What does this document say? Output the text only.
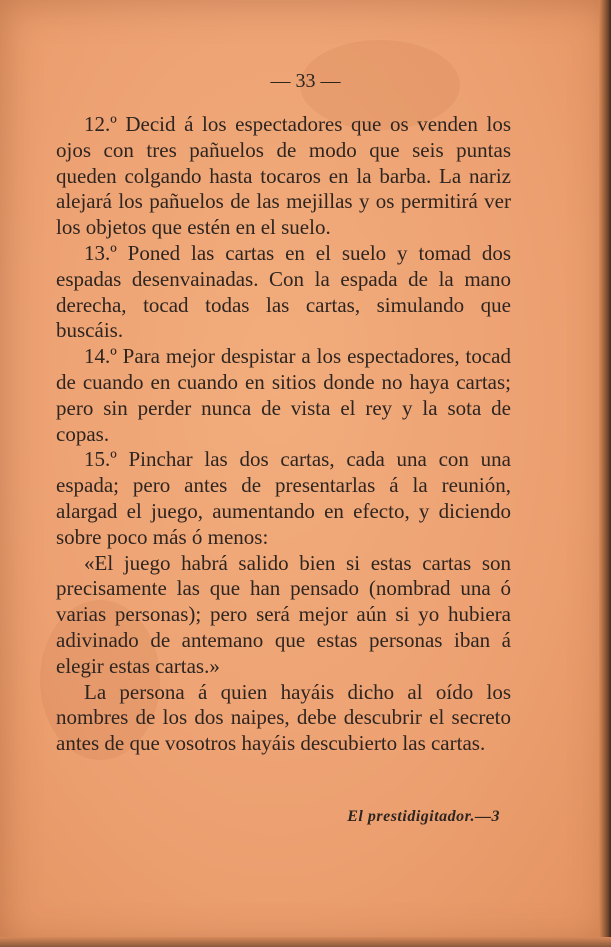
— 33 —

12.º Decid á los espectadores que os venden los ojos con tres pañuelos de modo que seis puntas queden colgando hasta tocaros en la barba. La nariz alejará los pañuelos de las mejillas y os permitirá ver los objetos que estén en el suelo.

13.º Poned las cartas en el suelo y tomad dos espadas desenvainadas. Con la espada de la mano derecha, tocad todas las cartas, simulando que buscáis.

14.º Para mejor despistar a los espectadores, tocad de cuando en cuando en sitios donde no haya cartas; pero sin perder nunca de vista el rey y la sota de copas.

15.º Pinchar las dos cartas, cada una con una espada; pero antes de presentarlas á la reunión, alargad el juego, aumentando en efecto, y diciendo sobre poco más ó menos:

«El juego habrá salido bien si estas cartas son precisamente las que han pensado (nombrad una ó varias personas); pero será mejor aún si yo hubiera adivinado de antemano que estas personas iban á elegir estas cartas.»

La persona á quien hayáis dicho al oído los nombres de los dos naipes, debe descubrir el secreto antes de que vosotros hayáis descubierto las cartas.

El prestidigitador.—3
